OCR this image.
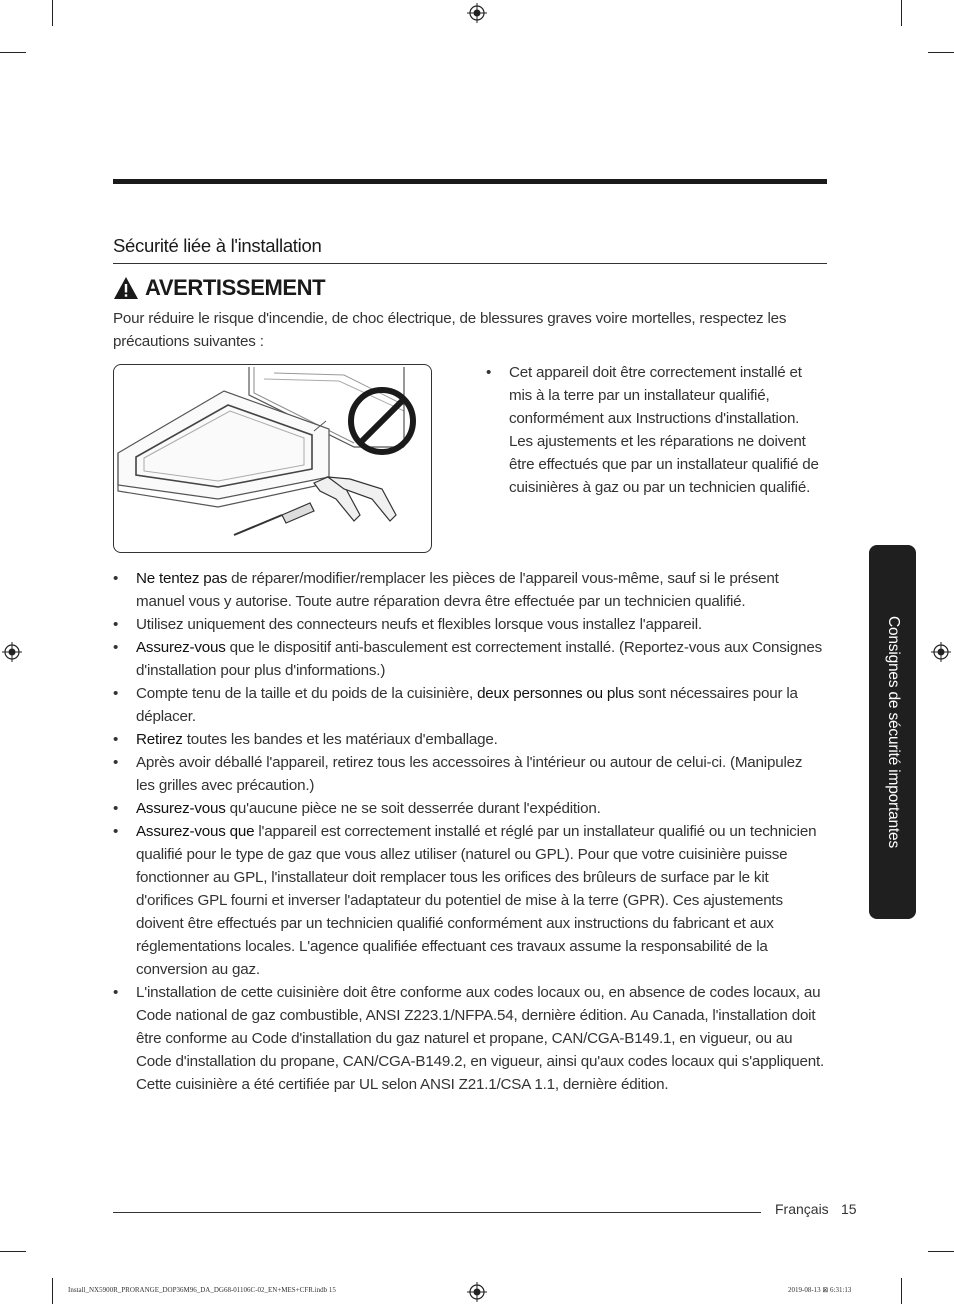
Sécurité liée à l'installation
AVERTISSEMENT
Pour réduire le risque d'incendie, de choc électrique, de blessures graves voire mortelles, respectez les précautions suivantes :
• Cet appareil doit être correctement installé et mis à la terre par un installateur qualifié, conformément aux Instructions d'installation. Les ajustements et les réparations ne doivent être effectués que par un installateur qualifié de cuisinières à gaz ou par un technicien qualifié.
• Ne tentez pas de réparer/modifier/remplacer les pièces de l'appareil vous-même, sauf si le présent manuel vous y autorise. Toute autre réparation devra être effectuée par un technicien qualifié.
• Utilisez uniquement des connecteurs neufs et flexibles lorsque vous installez l'appareil.
• Assurez-vous que le dispositif anti-basculement est correctement installé. (Reportez-vous aux Consignes d'installation pour plus d'informations.)
• Compte tenu de la taille et du poids de la cuisinière, deux personnes ou plus sont nécessaires pour la déplacer.
• Retirez toutes les bandes et les matériaux d'emballage.
• Après avoir déballé l'appareil, retirez tous les accessoires à l'intérieur ou autour de celui-ci. (Manipulez les grilles avec précaution.)
• Assurez-vous qu'aucune pièce ne se soit desserrée durant l'expédition.
• Assurez-vous que l'appareil est correctement installé et réglé par un installateur qualifié ou un technicien qualifié pour le type de gaz que vous allez utiliser (naturel ou GPL). Pour que votre cuisinière puisse fonctionner au GPL, l'installateur doit remplacer tous les orifices des brûleurs de surface par le kit d'orifices GPL fourni et inverser l'adaptateur du potentiel de mise à la terre (GPR). Ces ajustements doivent être effectués par un technicien qualifié conformément aux instructions du fabricant et aux réglementations locales. L'agence qualifiée effectuant ces travaux assume la responsabilité de la conversion au gaz.
• L'installation de cette cuisinière doit être conforme aux codes locaux ou, en absence de codes locaux, au Code national de gaz combustible, ANSI Z223.1/NFPA.54, dernière édition. Au Canada, l'installation doit être conforme au Code d'installation du gaz naturel et propane, CAN/CGA-B149.1, en vigueur, ou au Code d'installation du propane, CAN/CGA-B149.2, en vigueur, ainsi qu'aux codes locaux qui s'appliquent. Cette cuisinière a été certifiée par UL selon ANSI Z21.1/CSA 1.1, dernière édition.
Consignes de sécurité importantes
Français 15
Install_NX5900R_PRORANGE_DOP36M96_DA_DG68-01106C-02_EN+MES+CFR.indb 15	2019-08-13 ⊠ 6:31:13
